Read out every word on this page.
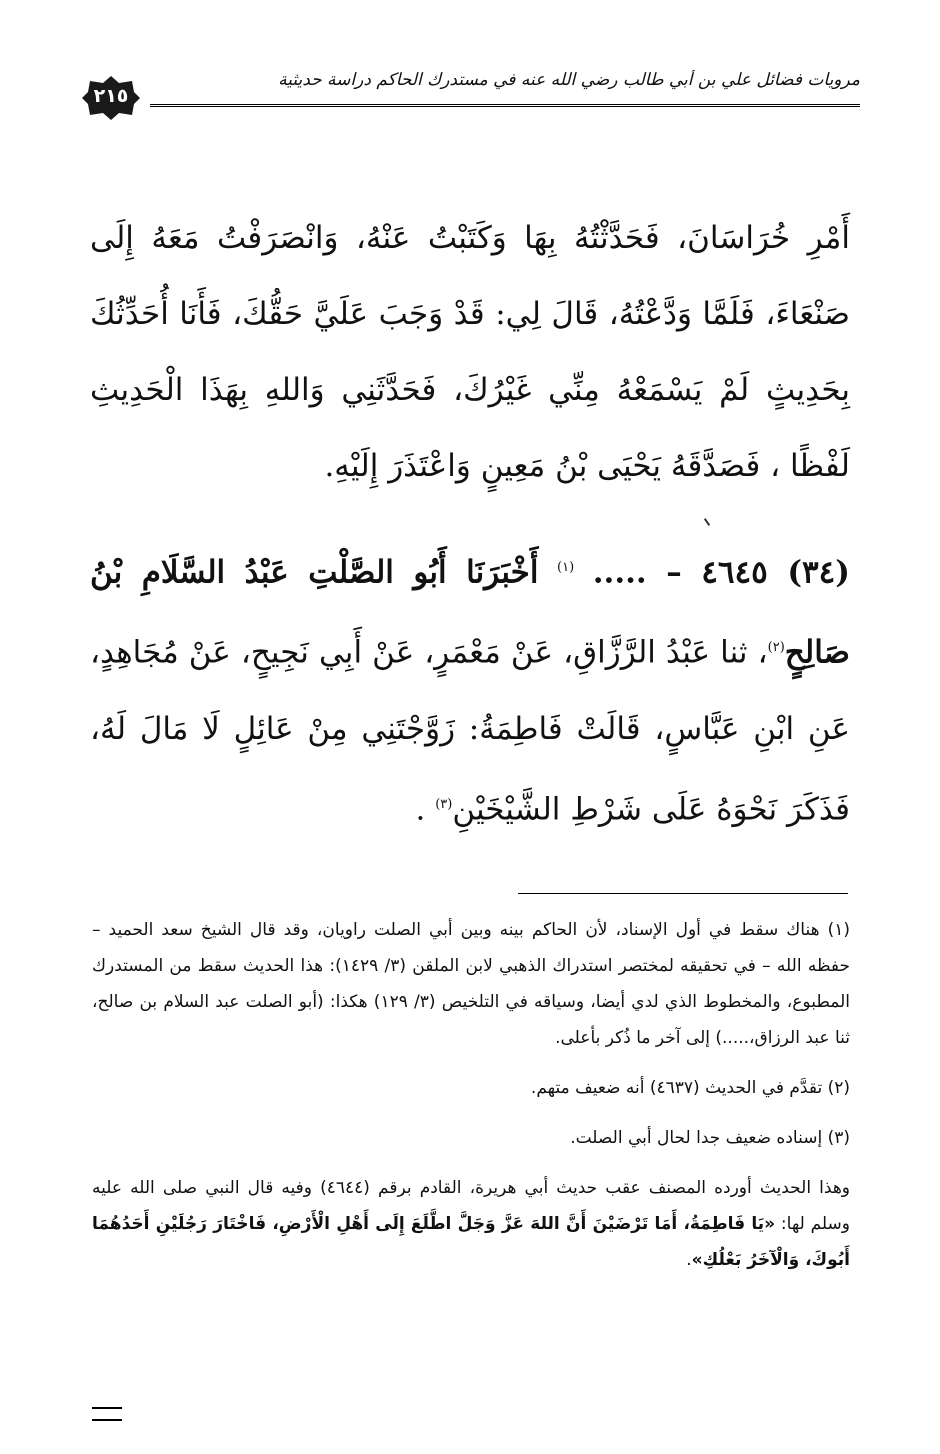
مرويات فضائل علي بن أبي طالب رضي الله عنه في مستدرك الحاكم دراسة حديثية
٢١٥

أَمْرِ خُرَاسَانَ، فَحَدَّثْتُهُ بِهَا وَكَتَبْتُ عَنْهُ، وَانْصَرَفْتُ مَعَهُ إِلَى صَنْعَاءَ، فَلَمَّا وَدَّعْتُهُ، قَالَ لِي: قَدْ وَجَبَ عَلَيَّ حَقُّكَ، فَأَنَا أُحَدِّثُكَ بِحَدِيثٍ لَمْ يَسْمَعْهُ مِنِّي غَيْرُكَ، فَحَدَّثَنِي وَاللهِ بِهَذَا الْحَدِيثِ لَفْظًا ، فَصَدَّقَهُ يَحْيَى بْنُ مَعِينٍ وَاعْتَذَرَ إِلَيْهِ.

(٣٤) ٤٦٤٥ – ..... $^{(١)}$ أَخْبَرَنَا أَبُو الصَّلْتِ عَبْدُ السَّلَامِ بْنُ صَالِحٍ$^{(٢)}$، ثنا عَبْدُ الرَّزَّاقِ، عَنْ مَعْمَرٍ، عَنْ أَبِي نَجِيحٍ، عَنْ مُجَاهِدٍ، عَنِ ابْنِ عَبَّاسٍ، قَالَتْ فَاطِمَةُ: زَوَّجْتَنِي مِنْ عَائِلٍ لَا مَالَ لَهُ، فَذَكَرَ نَحْوَهُ عَلَى شَرْطِ الشَّيْخَيْنِ$^{(٣)}$ .

(١) هناك سقط في أول الإسناد، لأن الحاكم بينه وبين أبي الصلت راويان، وقد قال الشيخ سعد الحميد – حفظه الله – في تحقيقه لمختصر استدراك الذهبي لابن الملقن (٣/ ١٤٢٩): هذا الحديث سقط من المستدرك المطبوع، والمخطوط الذي لدي أيضا، وسياقه في التلخيص (٣/ ١٢٩) هكذا: (أبو الصلت عبد السلام بن صالح، ثنا عبد الرزاق،.....) إلى آخر ما ذُكر بأعلى.

(٢) تقدَّم في الحديث (٤٦٣٧) أنه ضعيف متهم.

(٣) إسناده ضعيف جدا لحال أبي الصلت.

وهذا الحديث أورده المصنف عقب حديث أبي هريرة، القادم برقم (٤٦٤٤) وفيه قال النبي صلى الله عليه وسلم لها: «يَا فَاطِمَةُ، أَمَا تَرْضَيْنَ أَنَّ اللهَ عَزَّ وَجَلَّ اطَّلَعَ إِلَى أَهْلِ الْأَرْضِ، فَاخْتَارَ رَجُلَيْنِ أَحَدُهُمَا أَبُوكَ، وَالْآخَرُ بَعْلُكِ».
